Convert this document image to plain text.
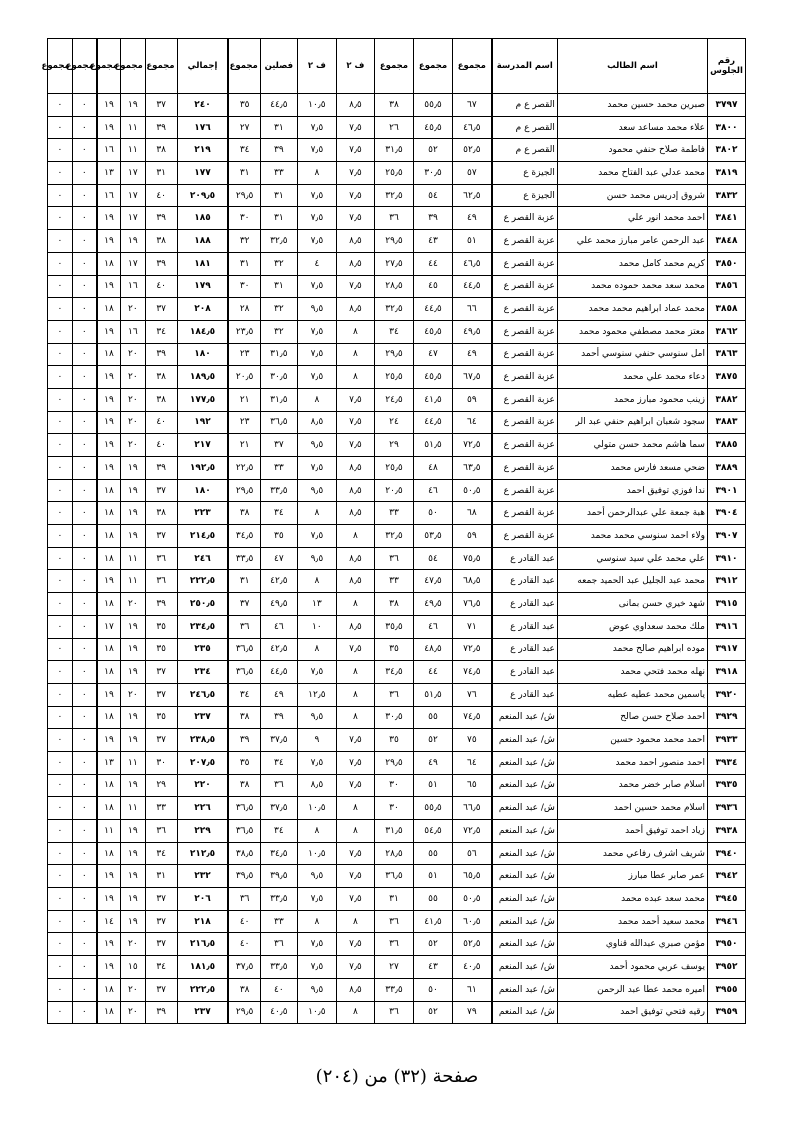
رقم الجلوس	اسم الطالب	اسم المدرسة	مجموع	مجموع	مجموع	ف ٢	ف ٢	فصلين	مجموع	إجمالي	مجموع	مجموع	مجموع	مجموع	مجموع
٣٧٩٧	صبرين محمد حسين محمد	القصر ع م	٦٧	٥٥٫٥	٣٨	٨٫٥	١٠٫٥	٤٤٫٥	٣٥	٢٤٠	٣٧	١٩	١٩	٠	٠
٣٨٠٠	علاء محمد مساعد سعد	القصر ع م	٤٦٫٥	٤٥٫٥	٢٦	٧٫٥	٧٫٥	٣١	٢٧	١٧٦	٣٩	١١	١٩	٠	٠
٣٨٠٢	فاطمة صلاح حنفي محمود	القصر ع م	٥٢٫٥	٥٢	٣١٫٥	٧٫٥	٧٫٥	٣٩	٣٤	٢١٩	٣٨	١١	١٦	٠	٠
٣٨١٩	محمد عدلي عبد الفتاح محمد	الجيزة ع	٥٧	٣٠٫٥	٢٥٫٥	٧٫٥	٨	٣٣	٣١	١٧٧	٣١	١٧	١٣	٠	٠
٣٨٣٢	شروق إدريس محمد حسن	الجيزة ع	٦٢٫٥	٥٤	٣٢٫٥	٧٫٥	٧٫٥	٣١	٢٩٫٥	٢٠٩٫٥	٤٠	١٧	١٦	٠	٠
٣٨٤١	احمد محمد انور علي	عزبة القصر ع	٤٩	٣٩	٣٦	٧٫٥	٧٫٥	٣١	٣٠	١٨٥	٣٩	١٧	١٩	٠	٠
٣٨٤٨	عبد الرحمن عامر مبارز محمد علي	عزبة القصر ع	٥١	٤٣	٢٩٫٥	٨٫٥	٧٫٥	٣٢٫٥	٣٢	١٨٨	٣٨	١٩	١٩	٠	٠
٣٨٥٠	كريم محمد كامل محمد	عزبة القصر ع	٤٦٫٥	٤٤	٢٧٫٥	٨٫٥	٤	٣٢	٣١	١٨١	٣٩	١٧	١٨	٠	٠
٣٨٥٦	محمد سعد محمد حموده محمد	عزبة القصر ع	٤٤٫٥	٤٥	٢٨٫٥	٧٫٥	٧٫٥	٣١	٣٠	١٧٩	٤٠	١٦	١٩	٠	٠
٣٨٥٨	محمد عماد ابراهيم محمد محمد	عزبة القصر ع	٦٦	٤٤٫٥	٣٢٫٥	٨٫٥	٩٫٥	٣٢	٢٨	٢٠٨	٣٧	٢٠	١٨	٠	٠
٣٨٦٢	معتز محمد مصطفي محمود محمد	عزبة القصر ع	٤٩٫٥	٤٥٫٥	٣٤	٨	٧٫٥	٣٢	٢٣٫٥	١٨٤٫٥	٣٤	١٦	١٩	٠	٠
٣٨٦٣	امل سنوسي حنفي سنوسي أحمد	عزبة القصر ع	٤٩	٤٧	٢٩٫٥	٨	٧٫٥	٣١٫٥	٢٣	١٨٠	٣٩	٢٠	١٨	٠	٠
٣٨٧٥	دعاء محمد علي محمد	عزبة القصر ع	٦٧٫٥	٤٥٫٥	٢٥٫٥	٨	٧٫٥	٣٠٫٥	٢٠٫٥	١٨٩٫٥	٣٨	٢٠	١٩	٠	٠
٣٨٨٢	زينب محمود مبارز محمد	عزبة القصر ع	٥٩	٤١٫٥	٢٤٫٥	٧٫٥	٨	٣١٫٥	٢١	١٧٧٫٥	٣٨	٢٠	١٩	٠	٠
٣٨٨٣	سجود شعبان ابراهيم حنفي عبد الر	عزبة القصر ع	٦٤	٤٤٫٥	٢٤	٧٫٥	٨٫٥	٣٦٫٥	٢٣	١٩٢	٤٠	٢٠	١٩	٠	٠
٣٨٨٥	سما هاشم محمد حسن متولي	عزبة القصر ع	٧٢٫٥	٥١٫٥	٢٩	٧٫٥	٩٫٥	٣٧	٢١	٢١٧	٤٠	٢٠	١٩	٠	٠
٣٨٨٩	ضحي مسعد فارس محمد	عزبة القصر ع	٦٣٫٥	٤٨	٢٥٫٥	٨٫٥	٧٫٥	٣٣	٢٢٫٥	١٩٢٫٥	٣٩	١٩	١٩	٠	٠
٣٩٠١	ندا فوزي توفيق احمد	عزبة القصر ع	٥٠٫٥	٤٦	٢٠٫٥	٨٫٥	٩٫٥	٣٣٫٥	٢٩٫٥	١٨٠	٣٧	١٩	١٨	٠	٠
٣٩٠٤	هبة جمعة علي عبدالرحمن أحمد	عزبة القصر ع	٦٨	٥٠	٣٣	٨٫٥	٨	٣٤	٣٨	٢٢٣	٣٨	١٩	١٨	٠	٠
٣٩٠٧	ولاء احمد سنوسي محمد محمد	عزبة القصر ع	٥٩	٥٣٫٥	٣٢٫٥	٨	٧٫٥	٣٥	٣٤٫٥	٢١٤٫٥	٣٧	١٩	١٨	٠	٠
٣٩١٠	علي محمد علي سيد سنوسي	عبد القادر ع	٧٥٫٥	٥٤	٣٦	٨٫٥	٩٫٥	٤٧	٣٣٫٥	٢٤٦	٣٦	١١	١٨	٠	٠
٣٩١٢	محمد عبد الجليل عبد الحميد جمعه	عبد القادر ع	٦٨٫٥	٤٧٫٥	٣٣	٨٫٥	٨	٤٢٫٥	٣١	٢٢٢٫٥	٣٦	١١	١٩	٠	٠
٣٩١٥	شهد خيري حسن بمانى	عبد القادر ع	٧٦٫٥	٤٩٫٥	٣٨	٨	١٣	٤٩٫٥	٣٧	٢٥٠٫٥	٣٩	٢٠	١٨	٠	٠
٣٩١٦	ملك محمد سعداوي عوض	عبد القادر ع	٧١	٤٦	٣٥٫٥	٨٫٥	١٠	٤٦	٣٦	٢٣٤٫٥	٣٥	١٩	١٧	٠	٠
٣٩١٧	موده ابراهيم صالح محمد	عبد القادر ع	٧٢٫٥	٤٨٫٥	٣٥	٧٫٥	٨	٤٢٫٥	٣٦٫٥	٢٣٥	٣٥	١٩	١٨	٠	٠
٣٩١٨	نهله محمد فتحي محمد	عبد القادر ع	٧٤٫٥	٤٤	٣٤٫٥	٨	٧٫٥	٤٤٫٥	٣٦٫٥	٢٣٤	٣٧	١٩	١٨	٠	٠
٣٩٢٠	ياسمين محمد عطيه عطيه	عبد القادر ع	٧٦	٥١٫٥	٣٦	٨	١٢٫٥	٤٩	٣٤	٢٤٦٫٥	٣٧	٢٠	١٩	٠	٠
٣٩٢٩	احمد صلاح حسن صالح	ش/ عبد المنعم	٧٤٫٥	٥٥	٣٠٫٥	٨	٩٫٥	٣٩	٣٨	٢٣٧	٣٥	١٩	١٨	٠	٠
٣٩٣٣	احمد محمد محمود حسين	ش/ عبد المنعم	٧٥	٥٢	٣٥	٧٫٥	٩	٣٧٫٥	٣٩	٢٣٨٫٥	٣٧	١٩	١٩	٠	٠
٣٩٣٤	احمد منصور احمد محمد	ش/ عبد المنعم	٦٤	٤٩	٢٩٫٥	٧٫٥	٧٫٥	٣٤	٣٥	٢٠٧٫٥	٣٠	١١	١٣	٠	٠
٣٩٣٥	اسلام صابر خضر محمد	ش/ عبد المنعم	٦٥	٥١	٣٠	٧٫٥	٨٫٥	٣٦	٣٨	٢٢٠	٢٩	١٩	١٨	٠	٠
٣٩٣٦	اسلام محمد حسين احمد	ش/ عبد المنعم	٦٦٫٥	٥٥٫٥	٣٠	٨	١٠٫٥	٣٧٫٥	٣٦٫٥	٢٢٦	٣٣	١١	١٨	٠	٠
٣٩٣٨	زياد احمد توفيق أحمد	ش/ عبد المنعم	٧٢٫٥	٥٤٫٥	٣١٫٥	٨	٨	٣٤	٣٦٫٥	٢٢٩	٣٦	١٩	١١	٠	٠
٣٩٤٠	شريف اشرف رفاعي محمد	ش/ عبد المنعم	٥٦	٥٥	٢٨٫٥	٧٫٥	١٠٫٥	٣٤٫٥	٣٨٫٥	٢١٢٫٥	٣٤	١٩	١٨	٠	٠
٣٩٤٢	عمر صابر عطا مبارز	ش/ عبد المنعم	٦٥٫٥	٥١	٣٦٫٥	٧٫٥	٩٫٥	٣٩٫٥	٣٩٫٥	٢٣٢	٣١	١٩	١٩	٠	٠
٣٩٤٥	محمد سعد عبده محمد	ش/ عبد المنعم	٥٠٫٥	٥٥	٣١	٧٫٥	٧٫٥	٣٣٫٥	٣٦	٢٠٦	٣٧	١٩	١٩	٠	٠
٣٩٤٦	محمد سعيد أحمد محمد	ش/ عبد المنعم	٦٠٫٥	٤١٫٥	٣٦	٨	٨	٣٣	٤٠	٢١٨	٣٧	١٩	١٤	٠	٠
٣٩٥٠	مؤمن صبري عبدالله قناوي	ش/ عبد المنعم	٥٢٫٥	٥٢	٣٦	٧٫٥	٧٫٥	٣٦	٤٠	٢١٦٫٥	٣٧	٢٠	١٩	٠	٠
٣٩٥٢	يوسف عربي محمود أحمد	ش/ عبد المنعم	٤٠٫٥	٤٣	٢٧	٧٫٥	٧٫٥	٣٣٫٥	٣٧٫٥	١٨١٫٥	٣٤	١٥	١٩	٠	٠
٣٩٥٥	اميره محمد عطا عبد الرحمن	ش/ عبد المنعم	٦١	٥٠	٣٣٫٥	٨٫٥	٩٫٥	٤٠	٣٨	٢٢٢٫٥	٣٧	٢٠	١٨	٠	٠
٣٩٥٩	رقيه فتحي توفيق احمد	ش/ عبد المنعم	٧٩	٥٢	٣٦	٨	١٠٫٥	٤٠٫٥	٢٩٫٥	٢٣٧	٣٩	٢٠	١٨	٠	٠
صفحة (٣٢) من (٢٠٤)
